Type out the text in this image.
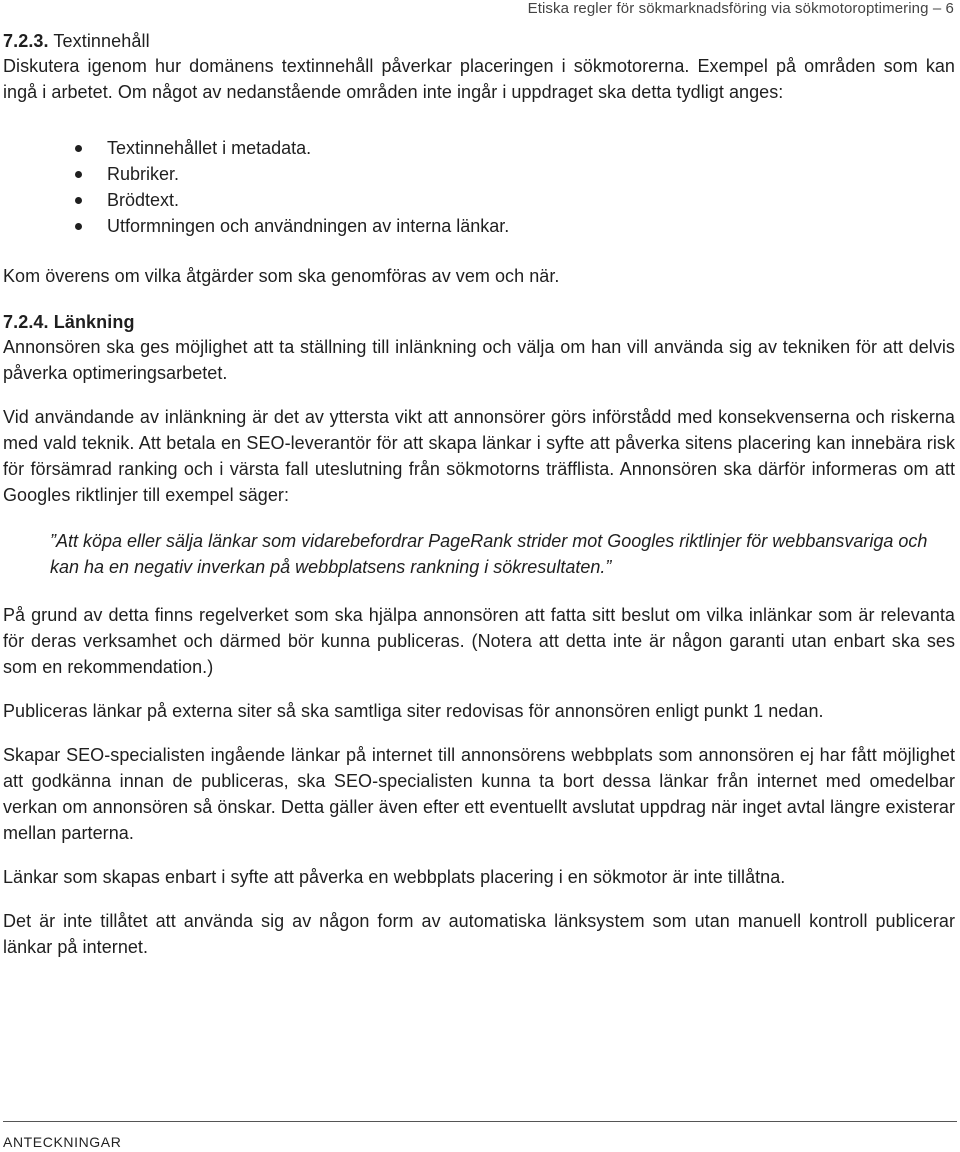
Etiska regler för sökmarknadsföring via sökmotoroptimering – 6
7.2.3. Textinnehåll

Diskutera igenom hur domänens textinnehåll påverkar placeringen i sökmotorerna. Exempel på områden som kan ingå i arbetet. Om något av nedanstående områden inte ingår i uppdraget ska detta tydligt anges:

Textinnehållet i metadata.
Rubriker.
Brödtext.
Utformningen och användningen av interna länkar.

Kom överens om vilka åtgärder som ska genomföras av vem och när.

7.2.4. Länkning

Annonsören ska ges möjlighet att ta ställning till inlänkning och välja om han vill använda sig av tekniken för att delvis påverka optimeringsarbetet.

Vid användande av inlänkning är det av yttersta vikt att annonsörer görs införstådd med konsekvenserna och riskerna med vald teknik. Att betala en SEO-leverantör för att skapa länkar i syfte att påverka sitens placering kan innebära risk för försämrad ranking och i värsta fall uteslutning från sökmotorns träfflista. Annonsören ska därför informeras om att Googles riktlinjer till exempel säger:

”Att köpa eller sälja länkar som vidarebefordrar PageRank strider mot Googles riktlinjer för webbansvariga och kan ha en negativ inverkan på webbplatsens rankning i sökresultaten.”

På grund av detta finns regelverket som ska hjälpa annonsören att fatta sitt beslut om vilka inlänkar som är relevanta för deras verksamhet och därmed bör kunna publiceras. (Notera att detta inte är någon garanti utan enbart ska ses som en rekommendation.)

Publiceras länkar på externa siter så ska samtliga siter redovisas för annonsören enligt punkt 1 nedan.

Skapar SEO-specialisten ingående länkar på internet till annonsörens webbplats som annonsören ej har fått möjlighet att godkänna innan de publiceras, ska SEO-specialisten kunna ta bort dessa länkar från internet med omedelbar verkan om annonsören så önskar. Detta gäller även efter ett eventuellt avslutat uppdrag när inget avtal längre existerar mellan parterna.

Länkar som skapas enbart i syfte att påverka en webbplats placering i en sökmotor är inte tillåtna.

Det är inte tillåtet att använda sig av någon form av automatiska länksystem som utan manuell kontroll publicerar länkar på internet.

ANTECKNINGAR
